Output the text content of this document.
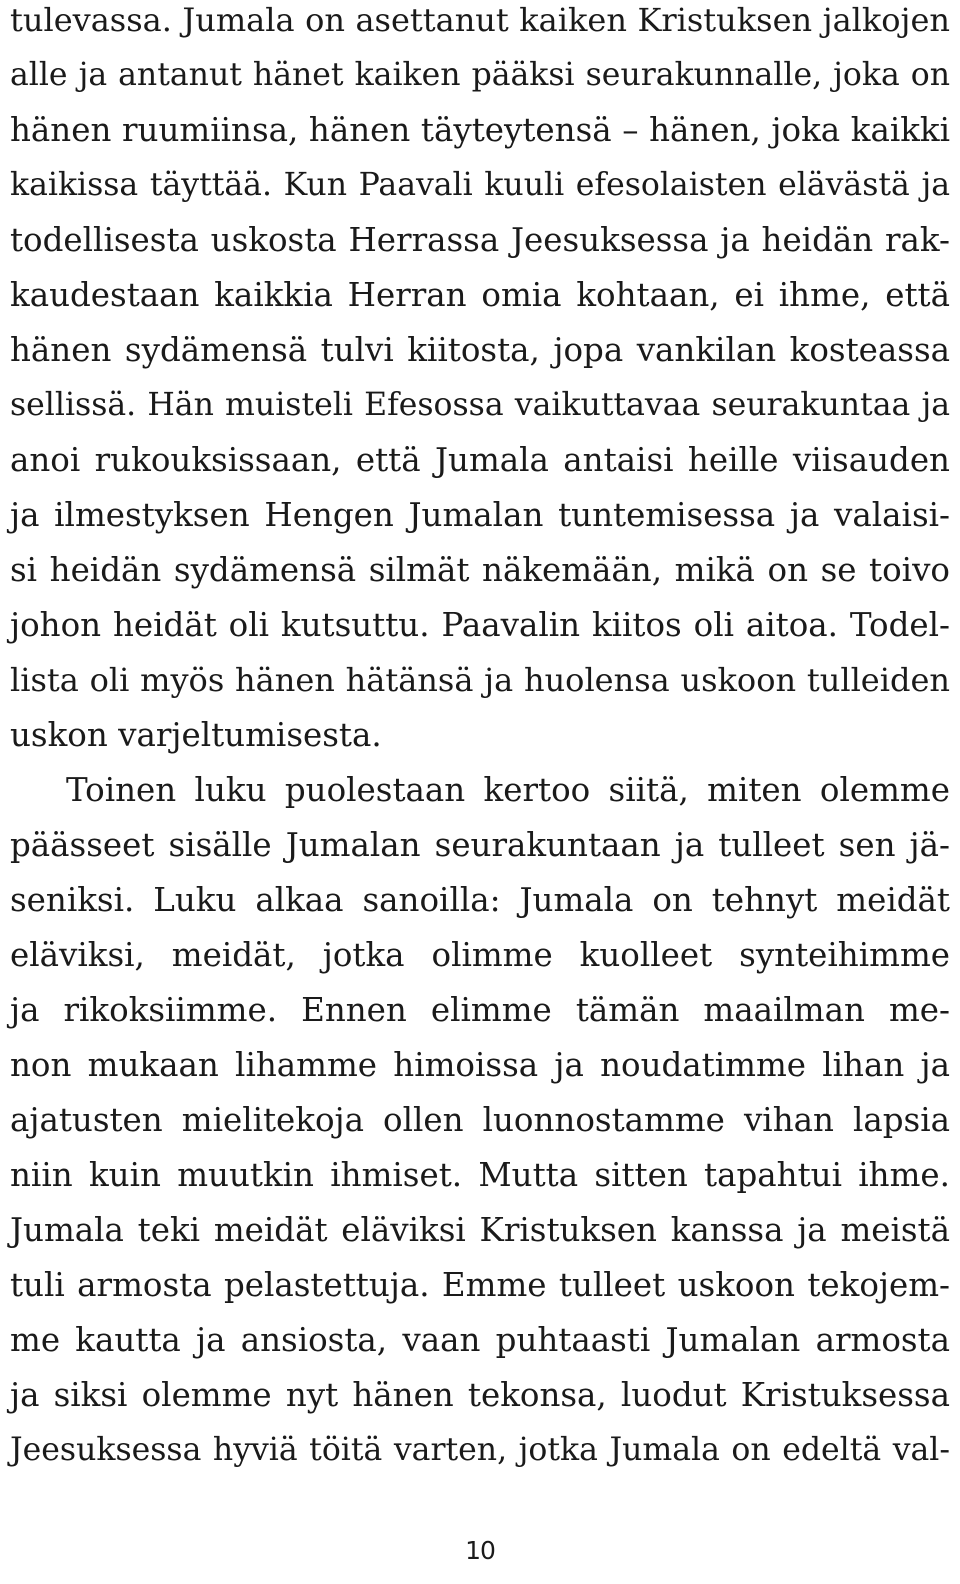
tulevassa. Jumala on asettanut kaiken Kristuksen jalkojen
alle ja antanut hänet kaiken pääksi seurakunnalle, joka on
hänen ruumiinsa, hänen täyteytensä – hänen, joka kaikki
kaikissa täyttää. Kun Paavali kuuli efesolaisten elävästä ja
todellisesta uskosta Herrassa Jeesuksessa ja heidän rak-
kaudestaan kaikkia Herran omia kohtaan, ei ihme, että
hänen sydämensä tulvi kiitosta, jopa vankilan kosteassa
sellissä. Hän muisteli Efesossa vaikuttavaa seurakuntaa ja
anoi rukouksissaan, että Jumala antaisi heille viisauden
ja ilmestyksen Hengen Jumalan tuntemisessa ja valaisi-
si heidän sydämensä silmät näkemään, mikä on se toivo
johon heidät oli kutsuttu. Paavalin kiitos oli aitoa. Todel-
lista oli myös hänen hätänsä ja huolensa uskoon tulleiden
uskon varjeltumisesta.
Toinen luku puolestaan kertoo siitä, miten olemme
päässeet sisälle Jumalan seurakuntaan ja tulleet sen jä-
seniksi. Luku alkaa sanoilla: Jumala on tehnyt meidät
eläviksi, meidät, jotka olimme kuolleet synteihimme
ja rikoksiimme. Ennen elimme tämän maailman me-
non mukaan lihamme himoissa ja noudatimme lihan ja
ajatusten mielitekoja ollen luonnostamme vihan lapsia
niin kuin muutkin ihmiset. Mutta sitten tapahtui ihme.
Jumala teki meidät eläviksi Kristuksen kanssa ja meistä
tuli armosta pelastettuja. Emme tulleet uskoon tekojem-
me kautta ja ansiosta, vaan puhtaasti Jumalan armosta
ja siksi olemme nyt hänen tekonsa, luodut Kristuksessa
Jeesuksessa hyviä töitä varten, jotka Jumala on edeltä val-
10
